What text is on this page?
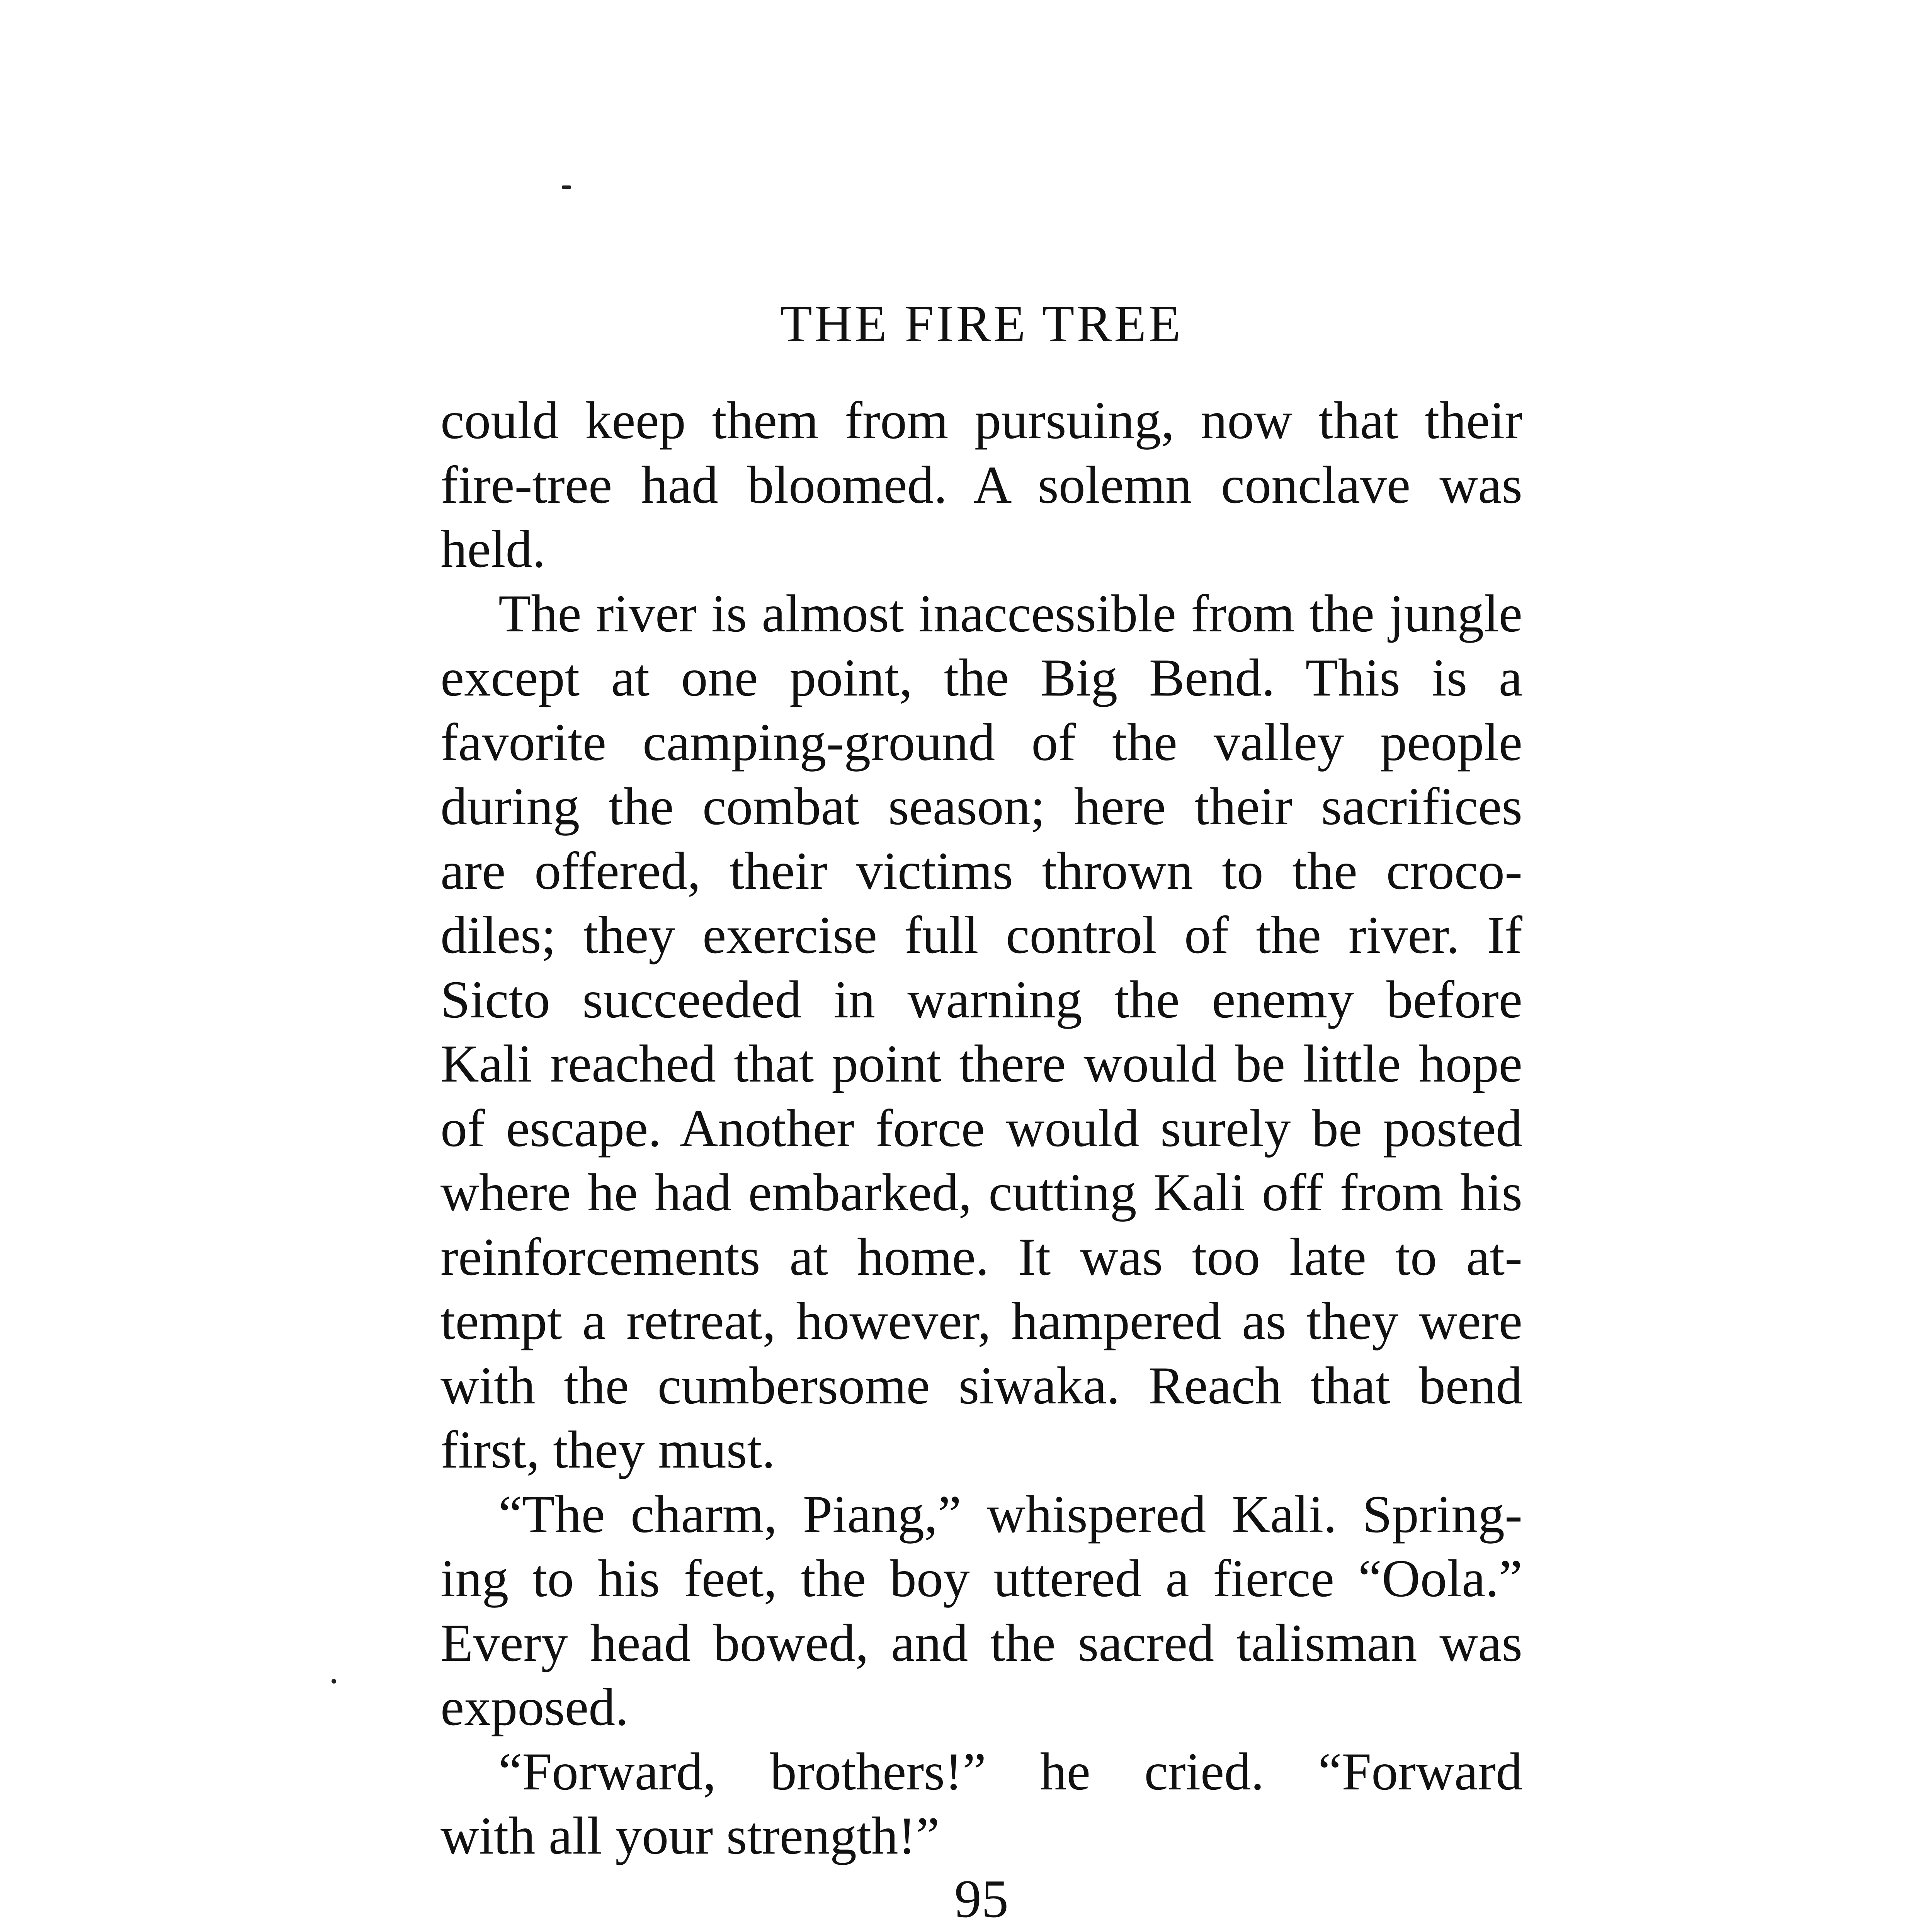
THE FIRE TREE
could keep them from pursuing, now that their
fire-tree had bloomed. A solemn conclave was
held.
The river is almost inaccessible from the jungle
except at one point, the Big Bend. This is a
favorite camping-ground of the valley people
during the combat season; here their sacrifices
are offered, their victims thrown to the croco-
diles; they exercise full control of the river. If
Sicto succeeded in warning the enemy before
Kali reached that point there would be little hope
of escape. Another force would surely be posted
where he had embarked, cutting Kali off from his
reinforcements at home. It was too late to at-
tempt a retreat, however, hampered as they were
with the cumbersome siwaka. Reach that bend
first, they must.
“The charm, Piang,” whispered Kali. Spring-
ing to his feet, the boy uttered a fierce “Oola.”
Every head bowed, and the sacred talisman was
exposed.
“Forward, brothers!” he cried. “Forward
with all your strength!”
95
